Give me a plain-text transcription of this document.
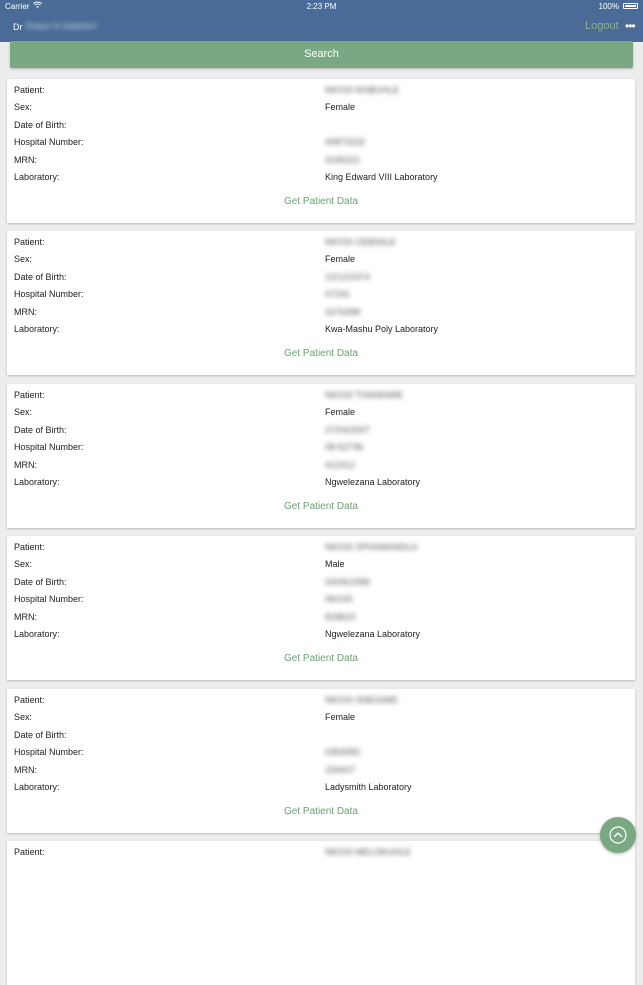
Carrier	2:23 PM	100%
Dr Shaun N Stabbert	Logout •••
Search
Patient:	NKOSI NOBUHLE
Sex:	Female
Date of Birth:
Hospital Number:	00873232
MRN:	4196221
Laboratory:	King Edward VIII Laboratory
Get Patient Data
Patient:	NKOSI CEBISILE
Sex:	Female
Date of Birth:	12/12/1974
Hospital Number:	47241
MRN:	1676398
Laboratory:	Kwa-Mashu Poly Laboratory
Get Patient Data
Patient:	NKOSI THANDIWE
Sex:	Female
Date of Birth:	27/04/2007
Hospital Number:	08-52736
MRN:	412412
Laboratory:	Ngwelezana Laboratory
Get Patient Data
Patient:	NKOSI SPHAMANDLA
Sex:	Male
Date of Birth:	24/06/1996
Hospital Number:	06/193
MRN:	818623
Laboratory:	Ngwelezana Laboratory
Get Patient Data
Patient:	NKOSI SNEGIWE
Sex:	Female
Date of Birth:
Hospital Number:	0353083
MRN:	159407
Laboratory:	Ladysmith Laboratory
Get Patient Data
Patient:	NKOSI MELOKUHLE
